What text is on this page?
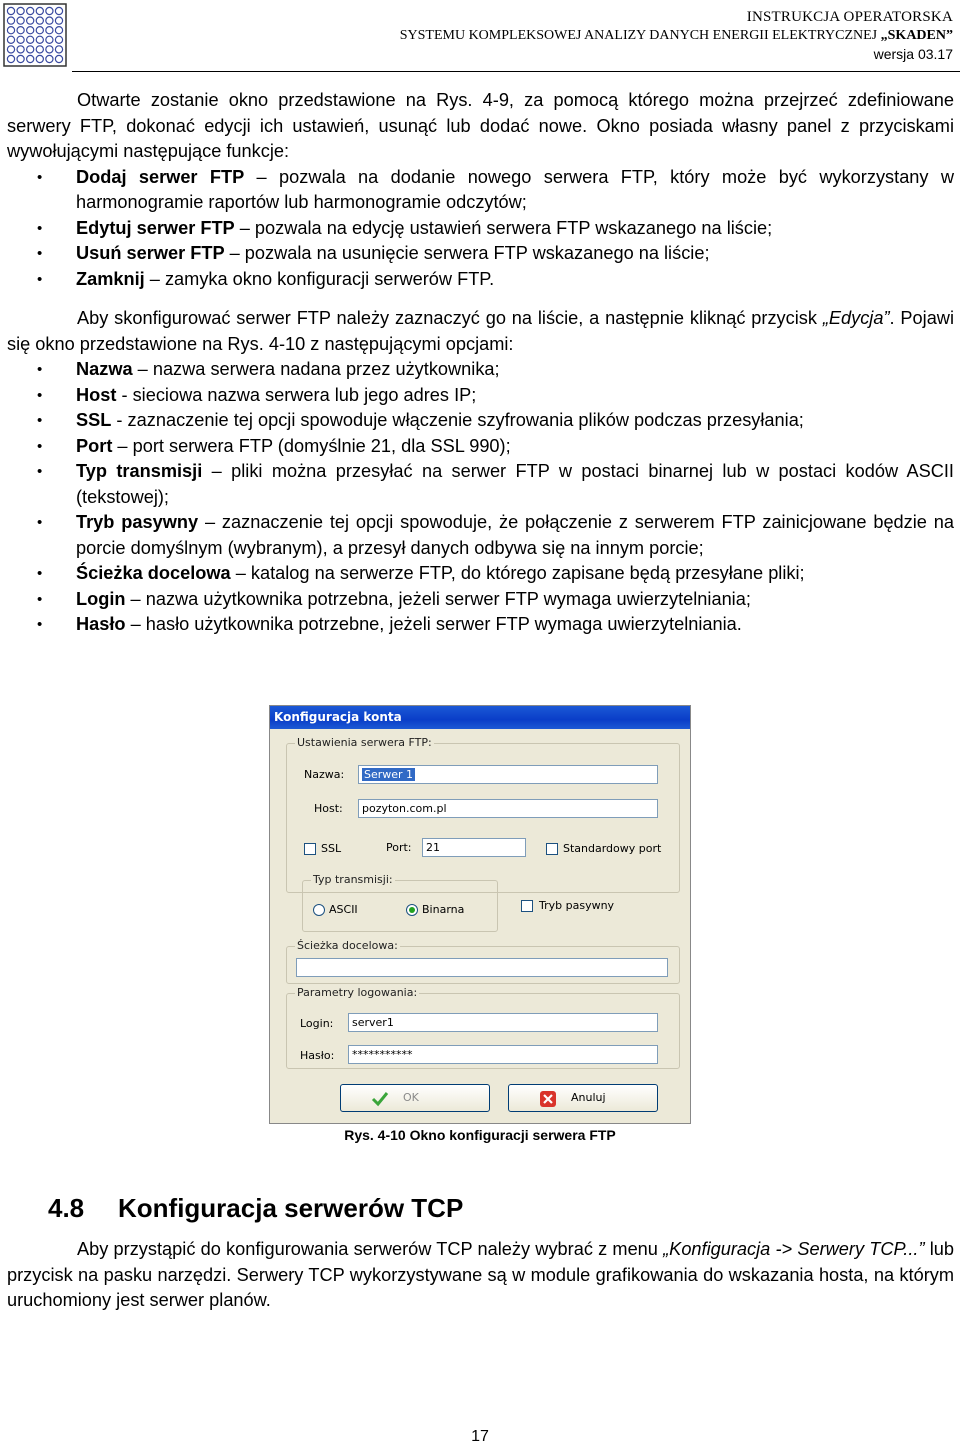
INSTRUKCJA OPERATORSKA
SYSTEMU KOMPLEKSOWEJ ANALIZY DANYCH ENERGII ELEKTRYCZNEJ „SKADEN”
wersja 03.17

Otwarte zostanie okno przedstawione na Rys. 4-9, za pomocą którego można przejrzeć zdefiniowane serwery FTP, dokonać edycji ich ustawień, usunąć lub dodać nowe. Okno posiada własny panel z przyciskami wywołującymi następujące funkcje:

• Dodaj serwer FTP – pozwala na dodanie nowego serwera FTP, który może być wykorzystany w harmonogramie raportów lub harmonogramie odczytów;
• Edytuj serwer FTP – pozwala na edycję ustawień serwera FTP wskazanego na liście;
• Usuń serwer FTP – pozwala na usunięcie serwera FTP wskazanego na liście;
• Zamknij – zamyka okno konfiguracji serwerów FTP.

Aby skonfigurować serwer FTP należy zaznaczyć go na liście, a następnie kliknąć przycisk „Edycja”. Pojawi się okno przedstawione na Rys. 4-10 z następującymi opcjami:

• Nazwa – nazwa serwera nadana przez użytkownika;
• Host - sieciowa nazwa serwera lub jego adres IP;
• SSL - zaznaczenie tej opcji spowoduje włączenie szyfrowania plików podczas przesyłania;
• Port – port serwera FTP (domyślnie 21, dla SSL 990);
• Typ transmisji – pliki można przesyłać na serwer FTP w postaci binarnej lub w postaci kodów ASCII (tekstowej);
• Tryb pasywny – zaznaczenie tej opcji spowoduje, że połączenie z serwerem FTP zainicjowane będzie na porcie domyślnym (wybranym), a przesył danych odbywa się na innym porcie;
• Ścieżka docelowa – katalog na serwerze FTP, do którego zapisane będą przesyłane pliki;
• Login – nazwa użytkownika potrzebna, jeżeli serwer FTP wymaga uwierzytelniania;
• Hasło – hasło użytkownika potrzebne, jeżeli serwer FTP wymaga uwierzytelniania.
Konfiguracja konta
Ustawienia serwera FTP:
Nazwa:	Serwer 1
Host:	pozyton.com.pl
SSL	Port:	21	Standardowy port
Typ transmisji:
ASCII	Binarna	Tryb pasywny
Ścieżka docelowa:
Parametry logowania:
Login:	server1
Hasło:	***********
OK	Anuluj
Rys. 4-10 Okno konfiguracji serwera FTP
4.8 Konfiguracja serwerów TCP

Aby przystąpić do konfigurowania serwerów TCP należy wybrać z menu „Konfiguracja -> Serwery TCP...” lub przycisk na pasku narzędzi. Serwery TCP wykorzystywane są w module grafikowania do wskazania hosta, na którym uruchomiony jest serwer planów.

17
